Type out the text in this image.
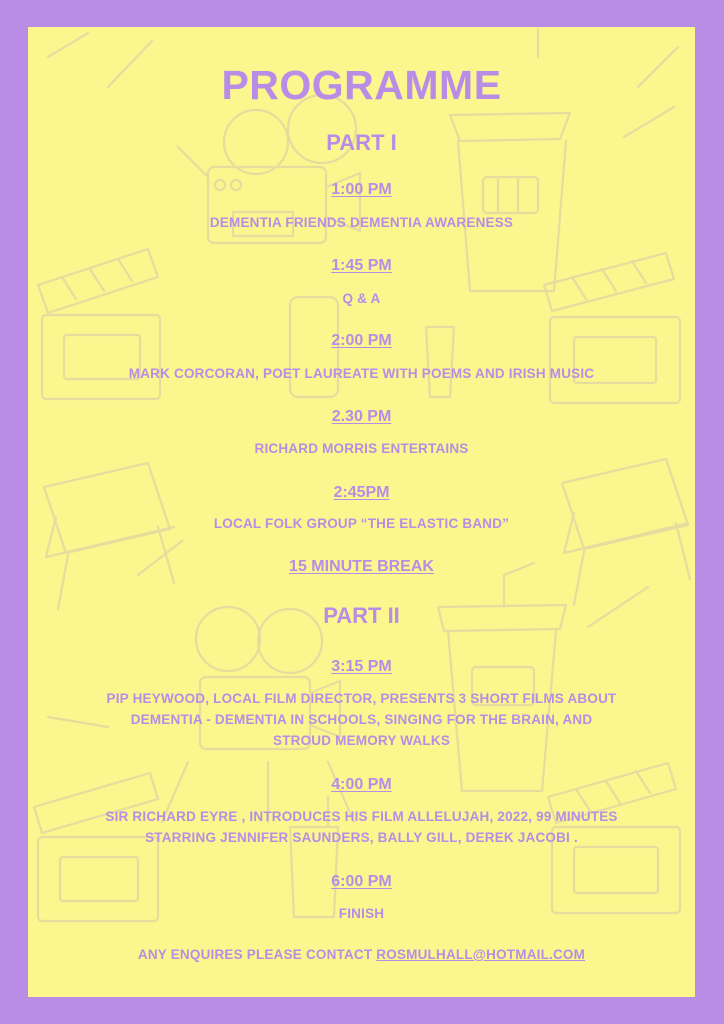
PROGRAMME
PART I
1:00 PM
DEMENTIA FRIENDS DEMENTIA AWARENESS
1:45 PM
Q & A
2:00 PM
MARK CORCORAN, POET LAUREATE WITH POEMS AND IRISH MUSIC
2.30 PM
RICHARD MORRIS ENTERTAINS
2:45PM
LOCAL FOLK GROUP “THE ELASTIC BAND”
15 MINUTE BREAK
PART II
3:15 PM
PIP HEYWOOD, LOCAL FILM DIRECTOR, PRESENTS 3 SHORT FILMS ABOUT
DEMENTIA - DEMENTIA IN SCHOOLS, SINGING FOR THE BRAIN, AND
STROUD MEMORY WALKS
4:00 PM
SIR RICHARD EYRE , INTRODUCES HIS FILM ALLELUJAH, 2022, 99 MINUTES
STARRING JENNIFER SAUNDERS, BALLY GILL, DEREK JACOBI .
6:00 PM
FINISH
ANY ENQUIRES PLEASE CONTACT ROSMULHALL@HOTMAIL.COM
